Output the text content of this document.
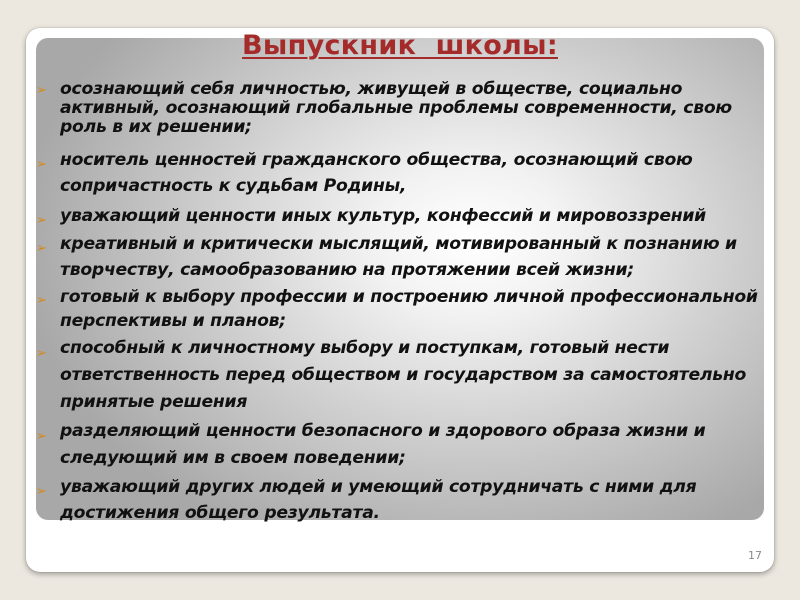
Выпускник  школы:
➢ осознающий себя личностью, живущей в обществе, социально активный, осознающий глобальные проблемы современности, свою роль в их решении;
➢ носитель ценностей гражданского общества, осознающий свою сопричастность к судьбам Родины,
➢ уважающий ценности иных культур, конфессий и мировоззрений
➢ креативный и критически мыслящий, мотивированный к познанию и творчеству, самообразованию на протяжении всей жизни;
➢ готовый к выбору профессии и построению личной профессиональной перспективы и планов;
➢ способный к личностному выбору и поступкам, готовый нести ответственность перед обществом и государством за самостоятельно принятые решения
➢ разделяющий ценности безопасного и здорового образа жизни и следующий им в своем поведении;
➢ уважающий других людей и умеющий сотрудничать с ними для достижения общего результата.
17
